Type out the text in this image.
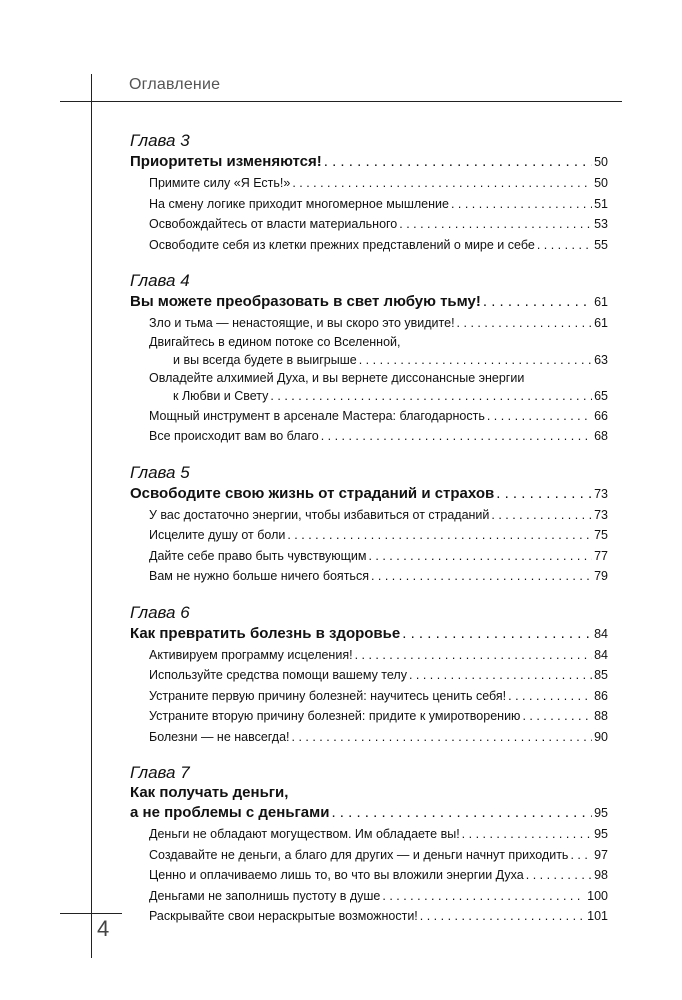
Оглавление
4
Глава 3
Приоритеты изменяются! . . .	50
Примите силу «Я Есть!» . . .	50
На смену логике приходит многомерное мышление . . .	51
Освобождайтесь от власти материального . . .	53
Освободите себя из клетки прежних представлений о мире и себе . . .	55
Глава 4
Вы можете преобразовать в свет любую тьму! . . .	61
Зло и тьма — ненастоящие, и вы скоро это увидите! . . .	61
Двигайтесь в едином потоке со Вселенной,
и вы всегда будете в выигрыше . . .	63
Овладейте алхимией Духа, и вы вернете диссонансные энергии
к Любви и Свету . . .	65
Мощный инструмент в арсенале Мастера: благодарность . . .	66
Все происходит вам во благо . . .	68
Глава 5
Освободите свою жизнь от страданий и страхов . . .	73
У вас достаточно энергии, чтобы избавиться от страданий . . .	73
Исцелите душу от боли . . .	75
Дайте себе право быть чувствующим . . .	77
Вам не нужно больше ничего бояться . . .	79
Глава 6
Как превратить болезнь в здоровье . . .	84
Активируем программу исцеления! . . .	84
Используйте средства помощи вашему телу . . .	85
Устраните первую причину болезней: научитесь ценить себя! . . .	86
Устраните вторую причину болезней: придите к умиротворению . . .	88
Болезни — не навсегда! . . .	90
Глава 7
Как получать деньги,
а не проблемы с деньгами . . .	95
Деньги не обладают могуществом. Им обладаете вы! . . .	95
Создавайте не деньги, а благо для других — и деньги начнут приходить . . . 97
Ценно и оплачиваемо лишь то, во что вы вложили энергии Духа . . .	98
Деньгами не заполнишь пустоту в душе . . .	100
Раскрывайте свои нераскрытые возможности! . . .	101
